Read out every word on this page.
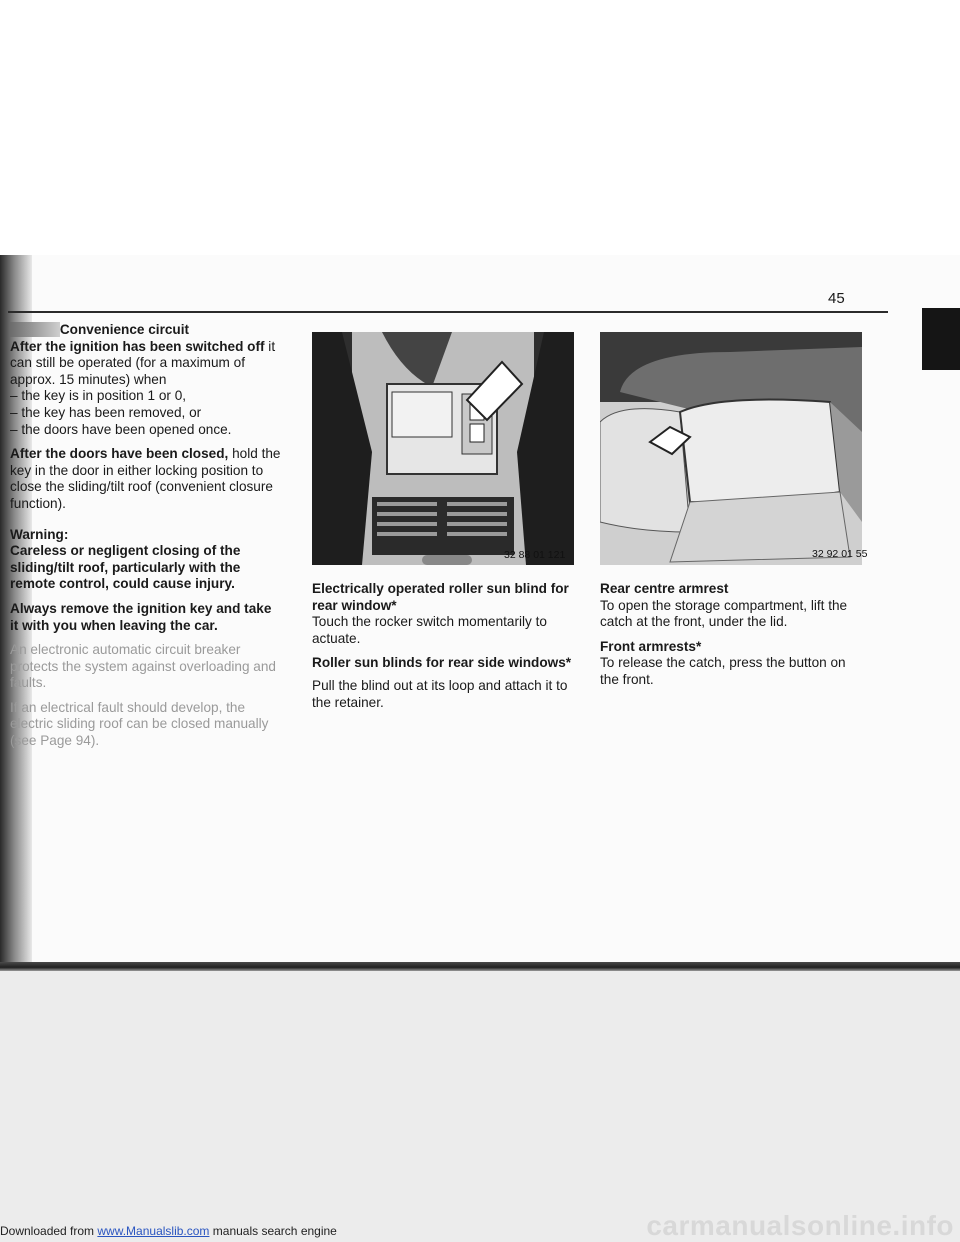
45
Convenience circuit

After the ignition has been switched off it can still be operated (for a maximum of approx. 15 minutes) when
– the key is in position 1 or 0,
– the key has been removed, or
– the doors have been opened once.

After the doors have been closed, hold the key in the door in either locking position to close the sliding/tilt roof (convenient closure function).

Warning:
Careless or negligent closing of the sliding/tilt roof, particularly with the remote control, could cause injury.

Always remove the ignition key and take it with you when leaving the car.

An electronic automatic circuit breaker protects the system against overloading and faults.

If an electrical fault should develop, the electric sliding roof can be closed manually (see Page 94).

32 88 01 121	32 92 01 55
Electrically operated roller sun blind for rear window*

Touch the rocker switch momentarily to actuate.

Roller sun blinds for rear side windows*

Pull the blind out at its loop and attach it to the retainer.

Rear centre armrest

To open the storage compartment, lift the catch at the front, under the lid.

Front armrests*

To release the catch, press the button on the front.

Downloaded from www.Manualslib.com manuals search engine	carmanualsonline.info
